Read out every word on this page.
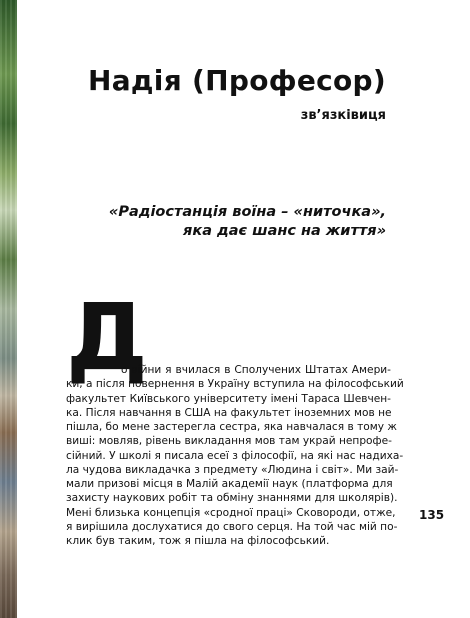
Надія (Професор)
зв’язківиця
«Радіостанція воїна – «ниточка»,
яка дає шанс на життя»
Д
о війни я вчилася в Сполучених Штатах Амери-
ки, а після повернення в Україну вступила на філософський
факультет Київського університету імені Тараса Шевчен-
ка. Після навчання в США на факультет іноземних мов не
пішла, бо мене застерегла сестра, яка навчалася в тому ж
виші: мовляв, рівень викладання мов там украй непрофе-
сійний. У школі я писала есеї з філософії, на які нас надиха-
ла чудова викладачка з предмету «Людина і світ». Ми зай-
мали призові місця в Малій академії наук (платформа для
захисту наукових робіт та обміну знаннями для школярів).
Мені близька концепція «сродної праці» Сковороди, отже,
я вирішила дослухатися до свого серця. На той час мій по-
клик був таким, тож я пішла на філософський.
135
